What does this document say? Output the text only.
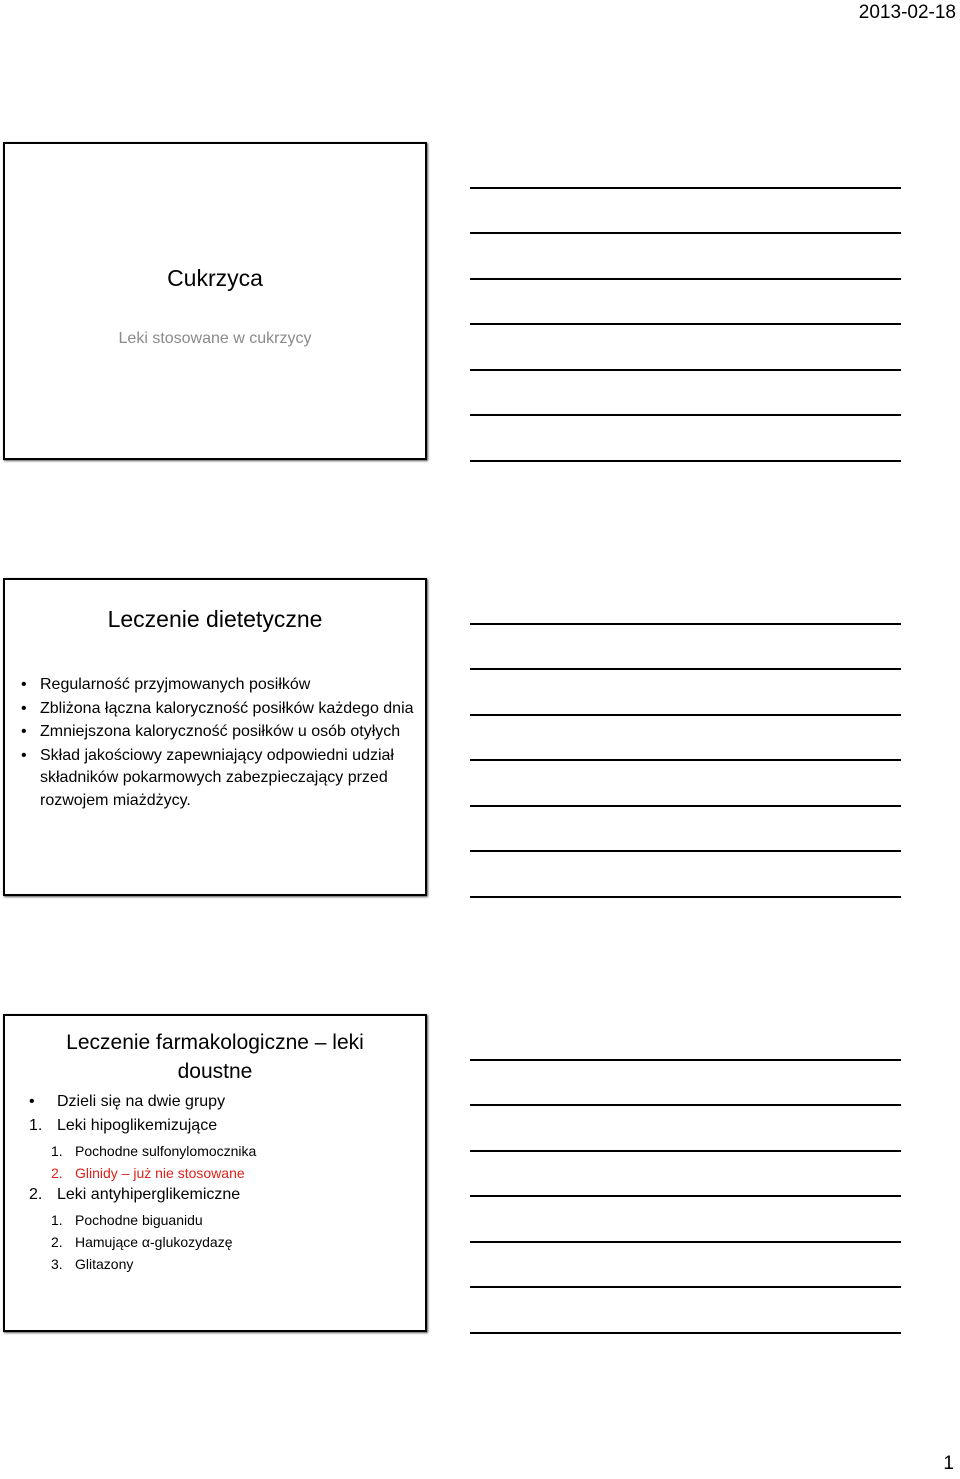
2013-02-18
Cukrzyca
Leki stosowane w cukrzycy
Leczenie dietetyczne
• Regularność przyjmowanych posiłków
• Zbliżona łączna kaloryczność posiłków każdego dnia
• Zmniejszona kaloryczność posiłków u osób otyłych
• Skład jakościowy zapewniający odpowiedni udział składników pokarmowych zabezpieczający przed rozwojem miażdżycy.
Leczenie farmakologiczne – leki doustne
• Dzieli się na dwie grupy
1. Leki hipoglikemizujące
1. Pochodne sulfonylomocznika
2. Glinidy – już nie stosowane
2. Leki antyhiperglikemiczne
1. Pochodne biguanidu
2. Hamujące α-glukozydazę
3. Glitazony
1
